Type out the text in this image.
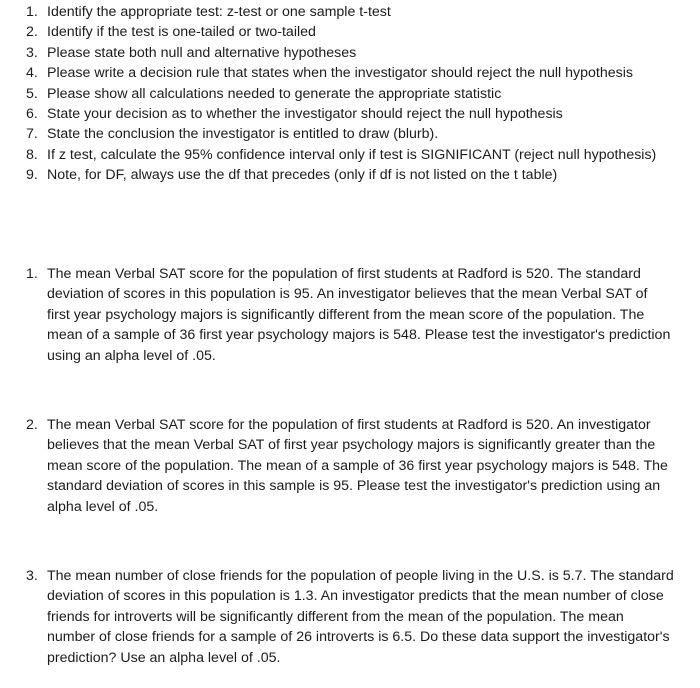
1. Identify the appropriate test: z-test or one sample t-test
2. Identify if the test is one-tailed or two-tailed
3. Please state both null and alternative hypotheses
4. Please write a decision rule that states when the investigator should reject the null hypothesis
5. Please show all calculations needed to generate the appropriate statistic
6. State your decision as to whether the investigator should reject the null hypothesis
7. State the conclusion the investigator is entitled to draw (blurb).
8. If z test, calculate the 95% confidence interval only if test is SIGNIFICANT (reject null hypothesis)
9. Note, for DF, always use the df that precedes (only if df is not listed on the t table)
1. The mean Verbal SAT score for the population of first students at Radford is 520. The standard
deviation of scores in this population is 95. An investigator believes that the mean Verbal SAT of
first year psychology majors is significantly different from the mean score of the population. The
mean of a sample of 36 first year psychology majors is 548. Please test the investigator's prediction
using an alpha level of .05.
2. The mean Verbal SAT score for the population of first students at Radford is 520. An investigator
believes that the mean Verbal SAT of first year psychology majors is significantly greater than the
mean score of the population. The mean of a sample of 36 first year psychology majors is 548. The
standard deviation of scores in this sample is 95. Please test the investigator's prediction using an
alpha level of .05.
3. The mean number of close friends for the population of people living in the U.S. is 5.7. The standard
deviation of scores in this population is 1.3. An investigator predicts that the mean number of close
friends for introverts will be significantly different from the mean of the population. The mean
number of close friends for a sample of 26 introverts is 6.5. Do these data support the investigator's
prediction? Use an alpha level of .05.
